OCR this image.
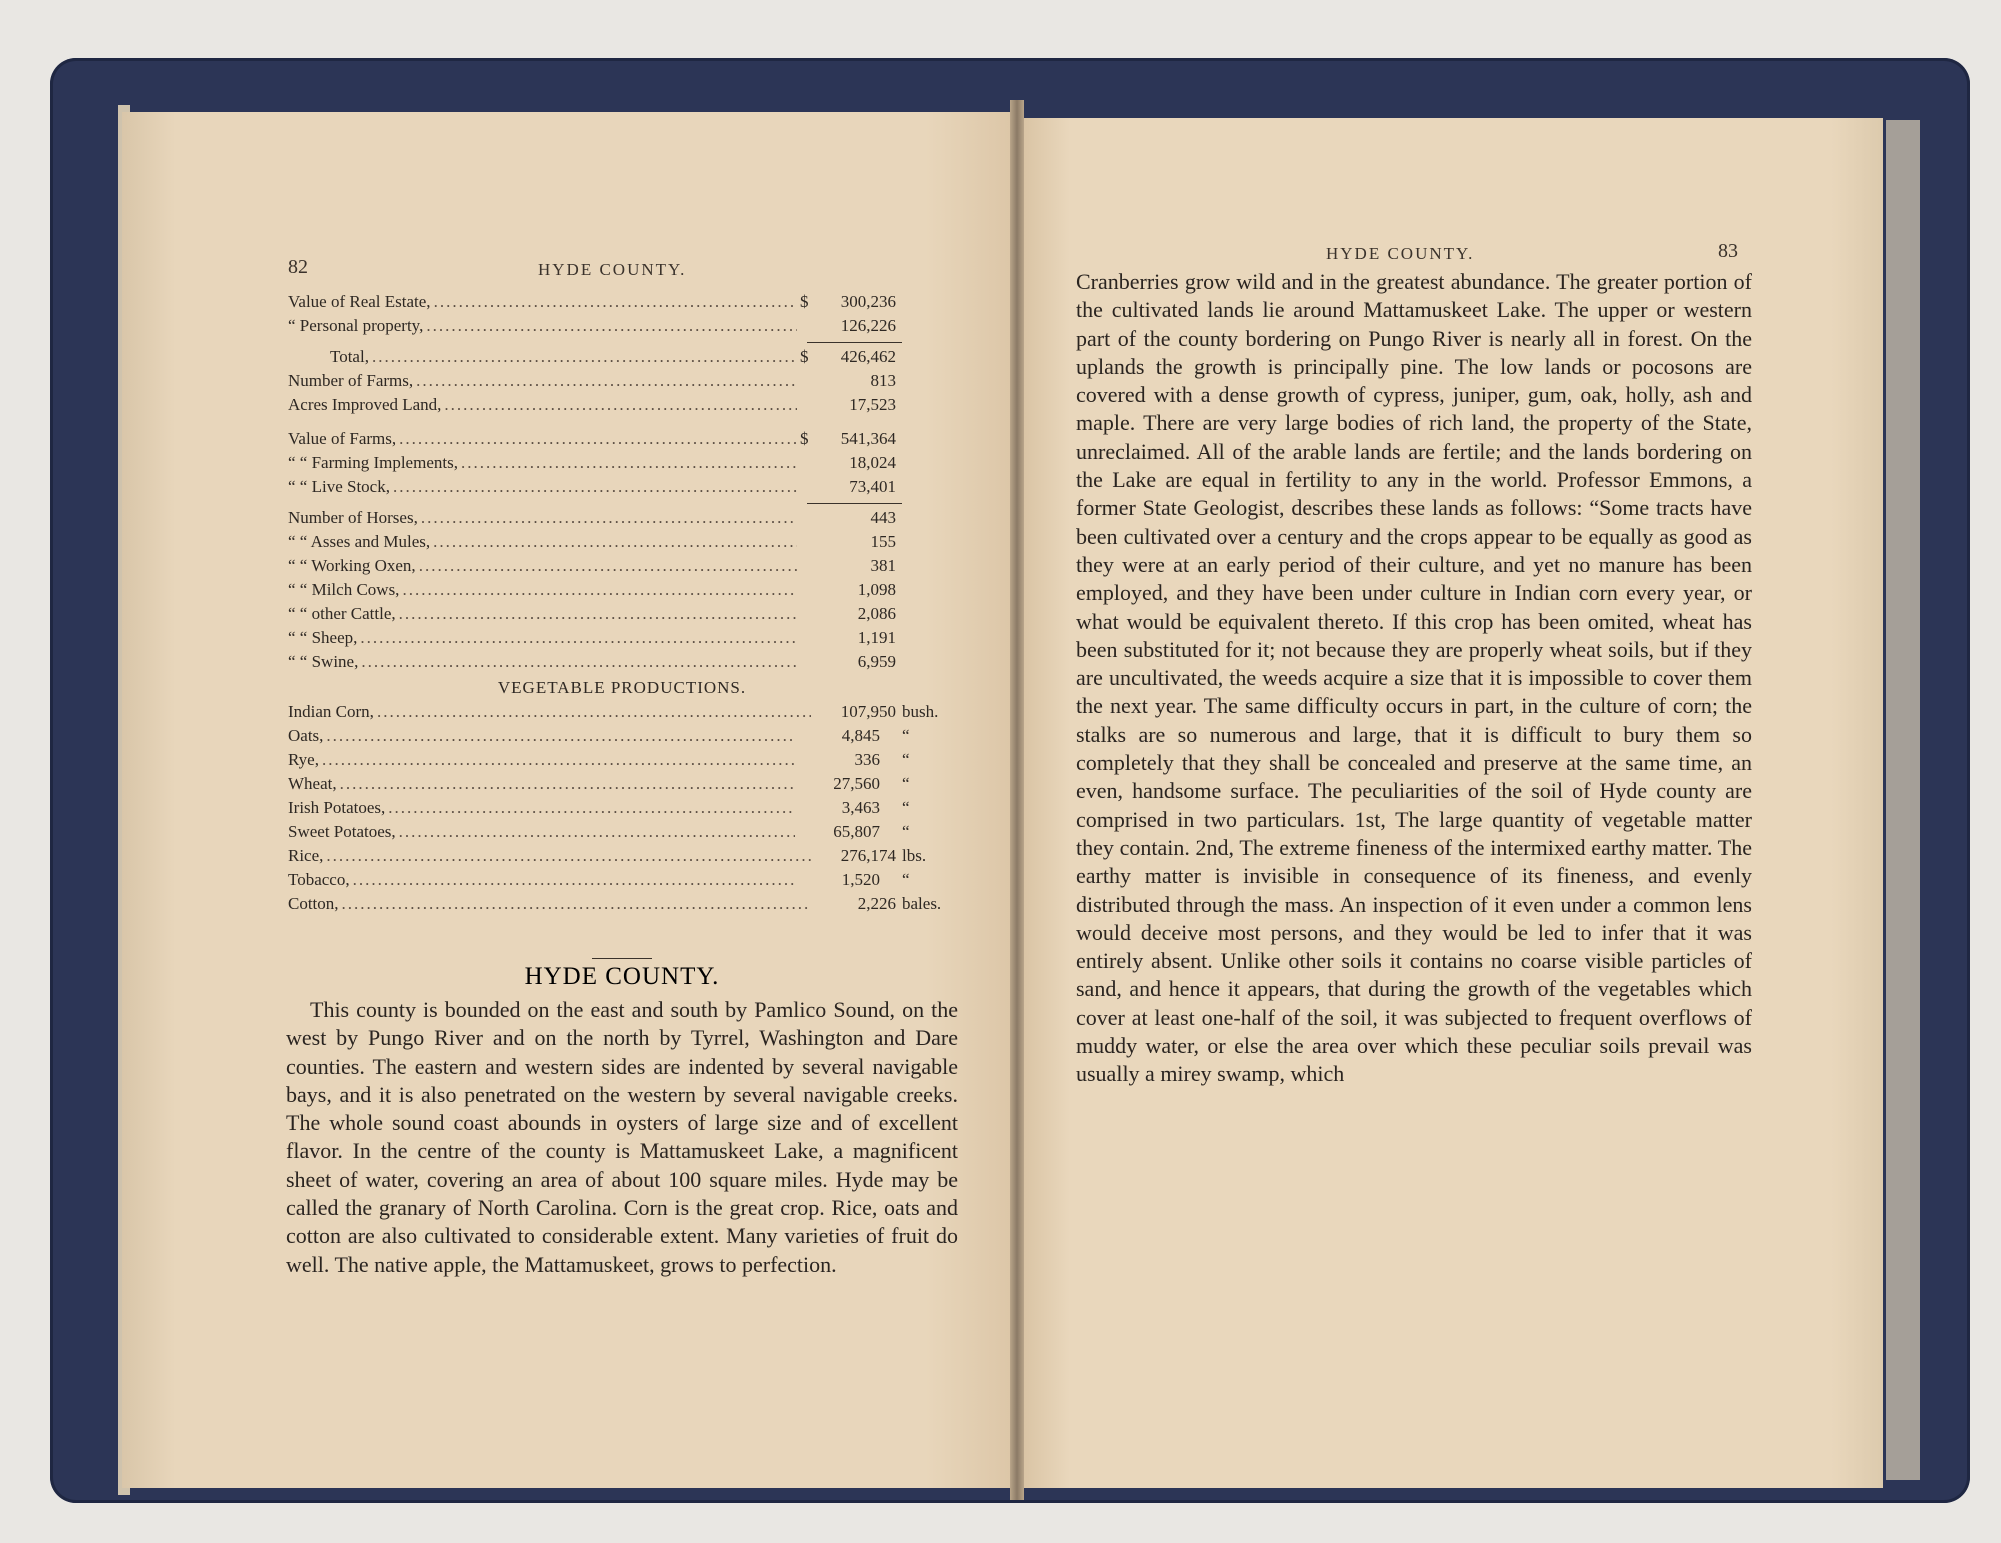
82	HYDE COUNTY.
Value of Real Estate, .....	$	300,236
“ Personal property, .....	126,226
Total, .....	$	426,462
Number of Farms, .....	813
Acres Improved Land, .....	17,523
Value of Farms, .....	$	541,364
“ “ Farming Implements, .....	18,024
“ “ Live Stock, .....	73,401
Number of Horses, .....	443
“ “ Asses and Mules, .....	155
“ “ Working Oxen, .....	381
“ “ Milch Cows, .....	1,098
“ “ other Cattle, .....	2,086
“ “ Sheep, .....	1,191
“ “ Swine, .....	6,959
VEGETABLE PRODUCTIONS.
Indian Corn, .....	107,950 bush.
Oats, .....	4,845	“
Rye, .....	336	“
Wheat, .....	27,560	“
Irish Potatoes, .....	3,463	“
Sweet Potatoes, .....	65,807	“
Rice, .....	276,174 lbs.
Tobacco, .....	1,520	“
Cotton, .....	2,226 bales.
HYDE COUNTY.

This county is bounded on the east and south by Pamlico Sound, on the west by Pungo River and on the north by Tyrrel, Washington and Dare counties. The eastern and western sides are indented by several navigable bays, and it is also penetrated on the western by several navigable creeks. The whole sound coast abounds in oysters of large size and of excellent flavor. In the centre of the county is Mattamuskeet Lake, a magnificent sheet of water, covering an area of about 100 square miles. Hyde may be called the granary of North Carolina. Corn is the great crop. Rice, oats and cotton are also cultivated to considerable extent. Many varieties of fruit do well. The native apple, the Mattamuskeet, grows to perfection.

HYDE COUNTY.	83

Cranberries grow wild and in the greatest abundance. The greater portion of the cultivated lands lie around Mattamuskeet Lake. The upper or western part of the county bordering on Pungo River is nearly all in forest. On the uplands the growth is principally pine. The low lands or pocosons are covered with a dense growth of cypress, juniper, gum, oak, holly, ash and maple. There are very large bodies of rich land, the property of the State, unreclaimed. All of the arable lands are fertile; and the lands bordering on the Lake are equal in fertility to any in the world. Professor Emmons, a former State Geologist, describes these lands as follows: “Some tracts have been cultivated over a century and the crops appear to be equally as good as they were at an early period of their culture, and yet no manure has been employed, and they have been under culture in Indian corn every year, or what would be equivalent thereto. If this crop has been omited, wheat has been substituted for it; not because they are properly wheat soils, but if they are uncultivated, the weeds acquire a size that it is impossible to cover them the next year. The same difficulty occurs in part, in the culture of corn; the stalks are so numerous and large, that it is difficult to bury them so completely that they shall be concealed and preserve at the same time, an even, handsome surface. The peculiarities of the soil of Hyde county are comprised in two particulars. 1st, The large quantity of vegetable matter they contain. 2nd, The extreme fineness of the intermixed earthy matter. The earthy matter is invisible in consequence of its fineness, and evenly distributed through the mass. An inspection of it even under a common lens would deceive most persons, and they would be led to infer that it was entirely absent. Unlike other soils it contains no coarse visible particles of sand, and hence it appears, that during the growth of the vegetables which cover at least one-half of the soil, it was subjected to frequent overflows of muddy water, or else the area over which these peculiar soils prevail was usually a mirey swamp, which
